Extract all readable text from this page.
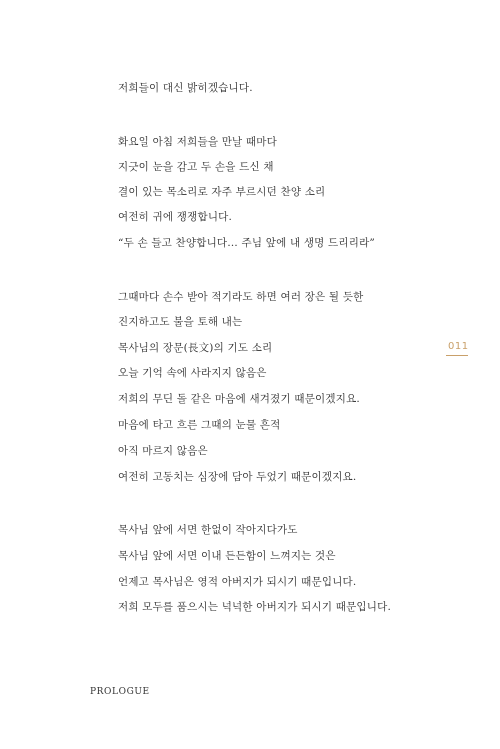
저희들이 대신 밝히겠습니다.
화요일 아침 저희들을 만날 때마다
지긋이 눈을 감고 두 손을 드신 채
결이 있는 목소리로 자주 부르시던 찬양 소리
여전히 귀에 쟁쟁합니다.
“두 손 들고 찬양합니다… 주님 앞에 내 생명 드리리라”
그때마다 손수 받아 적기라도 하면 여러 장은 될 듯한
진지하고도 불을 토해 내는
목사님의 장문(長文)의 기도 소리
오늘 기억 속에 사라지지 않음은
저희의 무딘 돌 같은 마음에 새겨졌기 때문이겠지요.
마음에 타고 흐른 그때의 눈물 흔적
아직 마르지 않음은
여전히 고동치는 심장에 담아 두었기 때문이겠지요.
목사님 앞에 서면 한없이 작아지다가도
목사님 앞에 서면 이내 든든함이 느껴지는 것은
언제고 목사님은 영적 아버지가 되시기 때문입니다.
저희 모두를 품으시는 넉넉한 아버지가 되시기 때문입니다.
011
PROLOGUE
